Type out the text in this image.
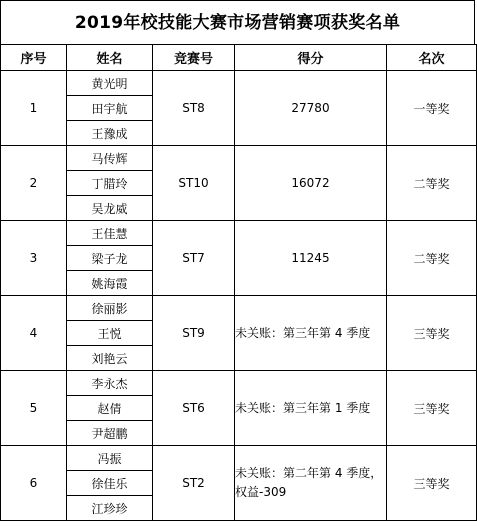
2019年校技能大赛市场营销赛项获奖名单
序号	姓名	竞赛号	得分	名次
1	黄光明	ST8	27780	一等奖
	田宇航			
	王豫成			
2	马传辉	ST10	16072	二等奖
	丁腊玲			
	吴龙威			
3	王佳慧	ST7	11245	二等奖
	梁子龙			
	姚海霞			
4	徐丽影	ST9	未关账：第三年第 4 季度	三等奖
	王悦			
	刘艳云			
5	李永杰	ST6	未关账：第三年第 1 季度	三等奖
	赵倩			
	尹超鹏			
6	冯振	ST2	未关账：第二年第 4 季度，权益-309	三等奖
	徐佳乐			
	江珍珍			
